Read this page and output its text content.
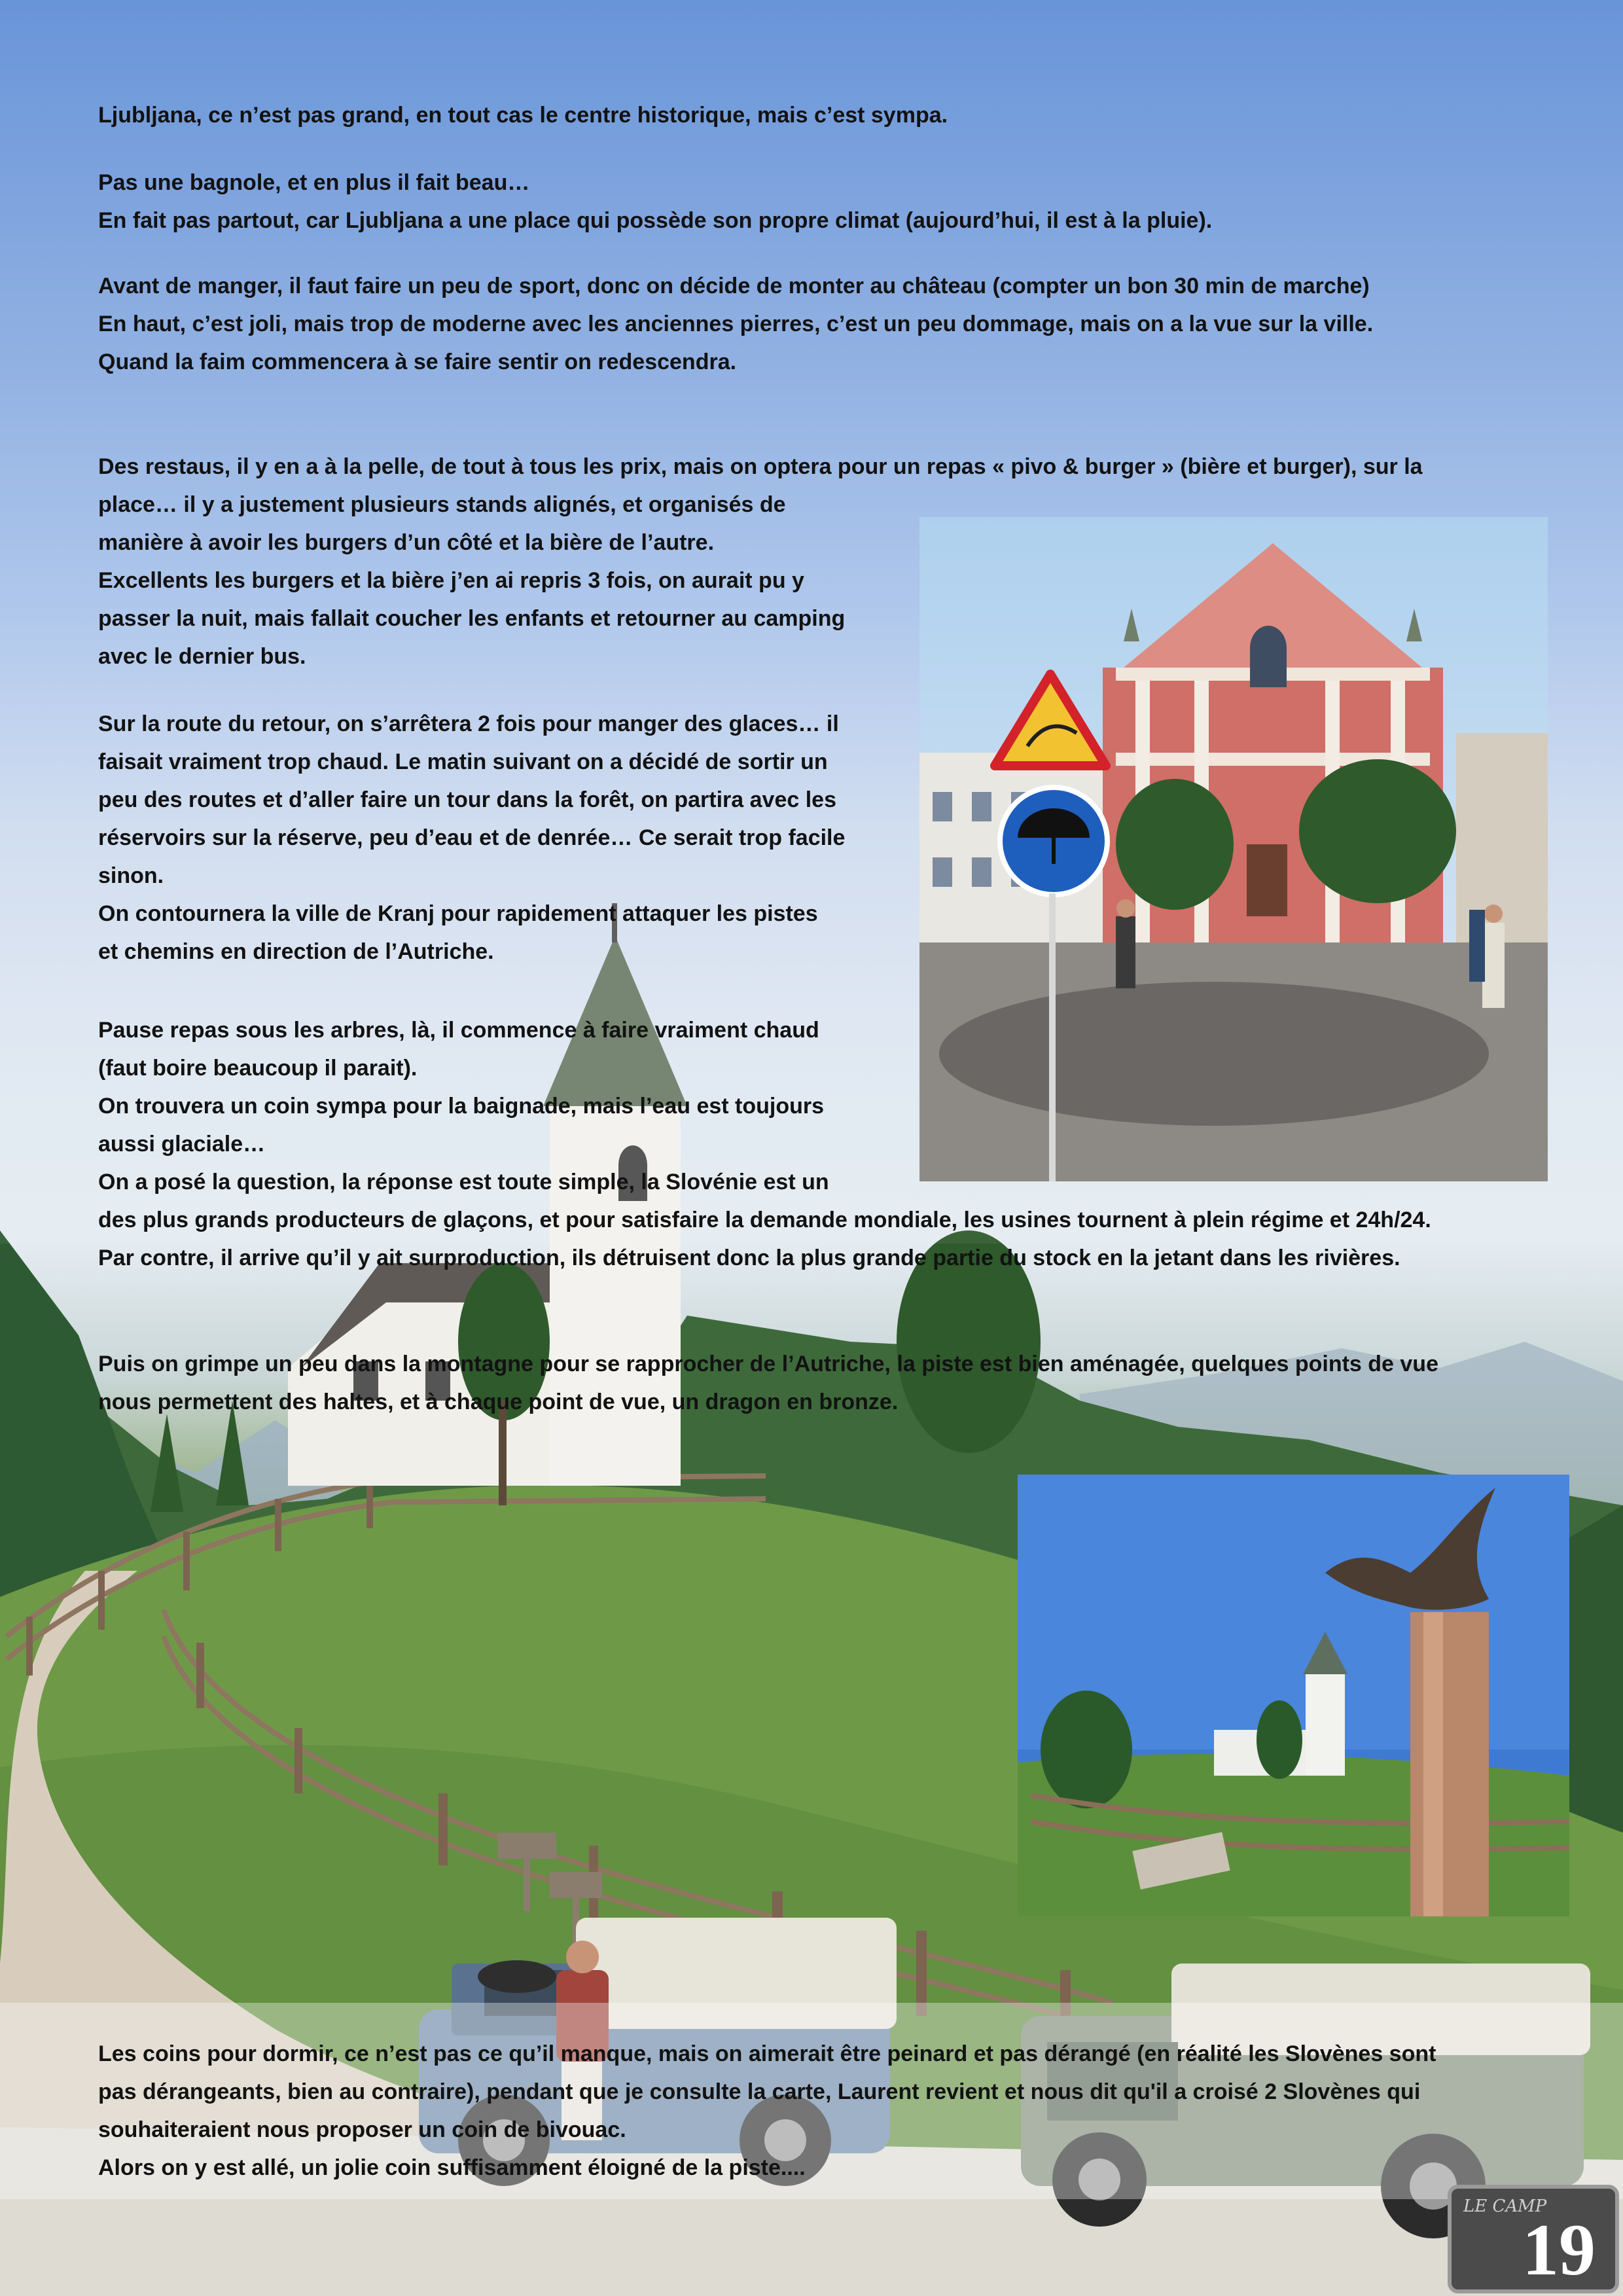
Ljubljana, ce n’est pas grand, en tout cas le centre historique, mais c’est sympa.

Pas une bagnole, et en plus il fait beau…
En fait pas partout, car Ljubljana a une place qui possède son propre climat (aujourd’hui, il est à la pluie).

Avant de manger, il faut faire un peu de sport, donc on décide de monter au château (compter un bon 30 min de marche)
En haut, c’est joli, mais trop de moderne avec les anciennes pierres, c’est un peu dommage, mais on a la vue sur la ville.
Quand la faim commencera à se faire sentir on redescendra.

Des restaus, il y en a à la pelle, de tout à tous les prix, mais on optera pour un repas « pivo & burger » (bière et burger), sur la
place… il y a justement plusieurs stands alignés, et organisés de
manière à avoir les burgers d’un côté et la bière de l’autre.
Excellents les burgers et la bière j’en ai repris 3 fois, on aurait pu y
passer la nuit, mais fallait coucher les enfants et retourner au camping
avec le dernier bus.

Sur la route du retour, on s’arrêtera 2 fois pour manger des glaces… il
faisait vraiment trop chaud. Le matin suivant on a décidé de sortir un
peu des routes et d’aller faire un tour dans la forêt, on partira avec les
réservoirs sur la réserve, peu d’eau et de denrée… Ce serait trop facile
sinon.
On contournera la ville de Kranj pour rapidement attaquer les pistes
et chemins en direction de l’Autriche.

Pause repas sous les arbres, là, il commence à faire vraiment chaud
(faut boire beaucoup il parait).
On trouvera un coin sympa pour la baignade, mais l’eau est toujours
aussi glaciale…
On a posé la question, la réponse est toute simple, la Slovénie est un
des plus grands producteurs de glaçons, et pour satisfaire la demande mondiale, les usines tournent à plein régime et 24h/24.
Par contre, il arrive qu’il y ait surproduction, ils détruisent donc la plus grande partie du stock en la jetant dans les rivières.

Puis on grimpe un peu dans la montagne pour se rapprocher de l’Autriche, la piste est bien aménagée, quelques points de vue
nous permettent des haltes, et à chaque point de vue, un dragon en bronze.

Les coins pour dormir, ce n’est pas ce qu’il manque, mais on aimerait être peinard et pas dérangé (en réalité les Slovènes sont
pas dérangeants, bien au contraire), pendant que je consulte la carte, Laurent revient et nous dit qu'il a croisé 2 Slovènes qui
souhaiteraient nous proposer un coin de bivouac.
Alors on y est allé, un jolie coin suffisamment éloigné de la piste....

LE CAMP
19
